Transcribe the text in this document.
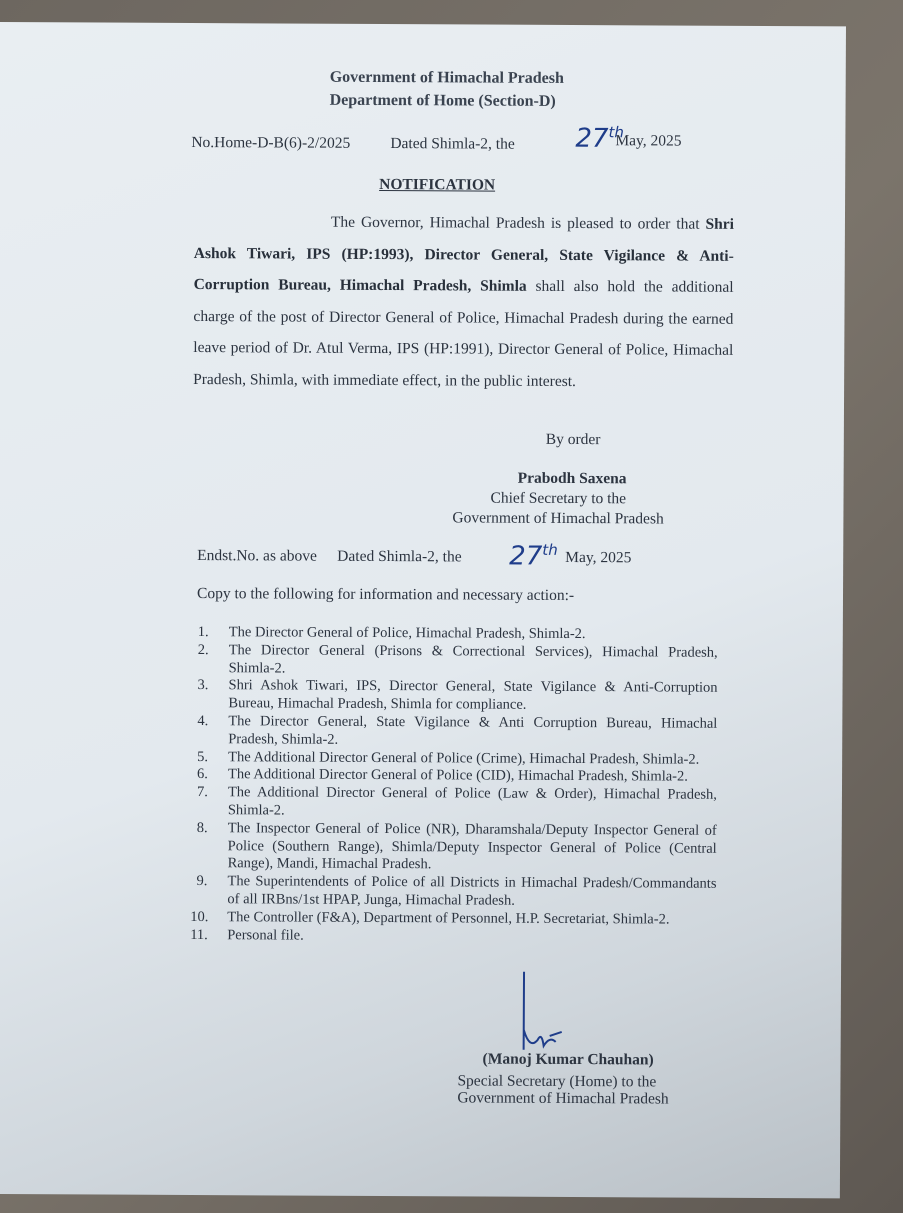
Government of Himachal Pradesh
Department of Home (Section-D)
No.Home-D-B(6)-2/2025	Dated Shimla-2, the 27th
May, 2025
NOTIFICATION
The Governor, Himachal Pradesh is pleased to order that Shri Ashok Tiwari, IPS (HP:1993), Director General, State Vigilance & Anti-Corruption Bureau, Himachal Pradesh, Shimla shall also hold the additional charge of the post of Director General of Police, Himachal Pradesh during the earned leave period of Dr. Atul Verma, IPS (HP:1991), Director General of Police, Himachal Pradesh, Shimla, with immediate effect, in the public interest.
By order
Prabodh Saxena
Chief Secretary to the
Government of Himachal Pradesh
Endst.No. as above Dated Shimla-2, the 27th May, 2025
Copy to the following for information and necessary action:-
1. The Director General of Police, Himachal Pradesh, Shimla-2.
2. The Director General (Prisons & Correctional Services), Himachal Pradesh, Shimla-2.
3. Shri Ashok Tiwari, IPS, Director General, State Vigilance & Anti-Corruption Bureau, Himachal Pradesh, Shimla for compliance.
4. The Director General, State Vigilance & Anti Corruption Bureau, Himachal Pradesh, Shimla-2.
5. The Additional Director General of Police (Crime), Himachal Pradesh, Shimla-2.
6. The Additional Director General of Police (CID), Himachal Pradesh, Shimla-2.
7. The Additional Director General of Police (Law & Order), Himachal Pradesh, Shimla-2.
8. The Inspector General of Police (NR), Dharamshala/Deputy Inspector General of Police (Southern Range), Shimla/Deputy Inspector General of Police (Central Range), Mandi, Himachal Pradesh.
9. The Superintendents of Police of all Districts in Himachal Pradesh/Commandants of all IRBns/1st HPAP, Junga, Himachal Pradesh.
10. The Controller (F&A), Department of Personnel, H.P. Secretariat, Shimla-2.
11. Personal file.
(Manoj Kumar Chauhan)
Special Secretary (Home) to the
Government of Himachal Pradesh
